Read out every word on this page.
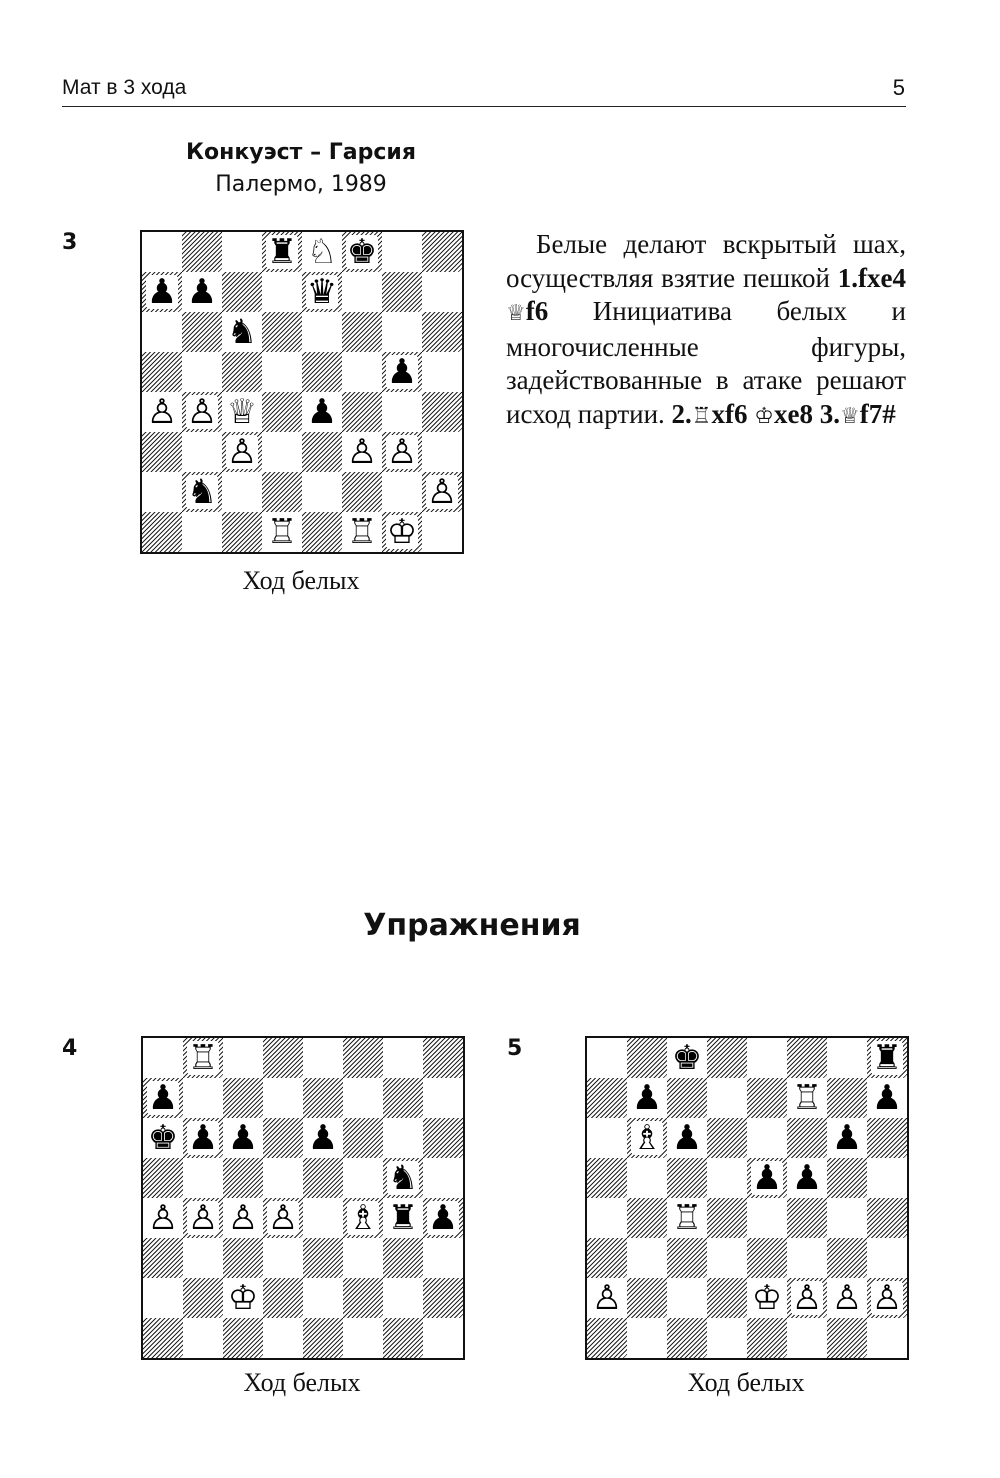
Мат в 3 хода	5
Конкуэст – Гарсия
Палермо, 1989
3	♜ ♘ ♚
♟ ♟	♛
♞
♟
♙ ♙ ♕ ♟
♙	♙ ♙
♞	♙
♖ ♖ ♔
Ход белых

Белые делают вскрытый шах, осуществляя взятие пешкой 1.fxe4 ♕f6 Инициатива белых и многочисленные фигуры, задействованные в атаке решают исход партии. 2.♖xf6 ♔xe8 3.♕f7#

Упражнения
4	♖
♟
♚ ♟ ♟ ♟
♞
♙ ♙ ♙ ♙ ♗ ♜ ♟
♔
Ход белых
5	♚	♜
♟	♖ ♟
♗ ♟	♟
♟ ♟
♖
♙	♔ ♙ ♙ ♙
Ход белых
